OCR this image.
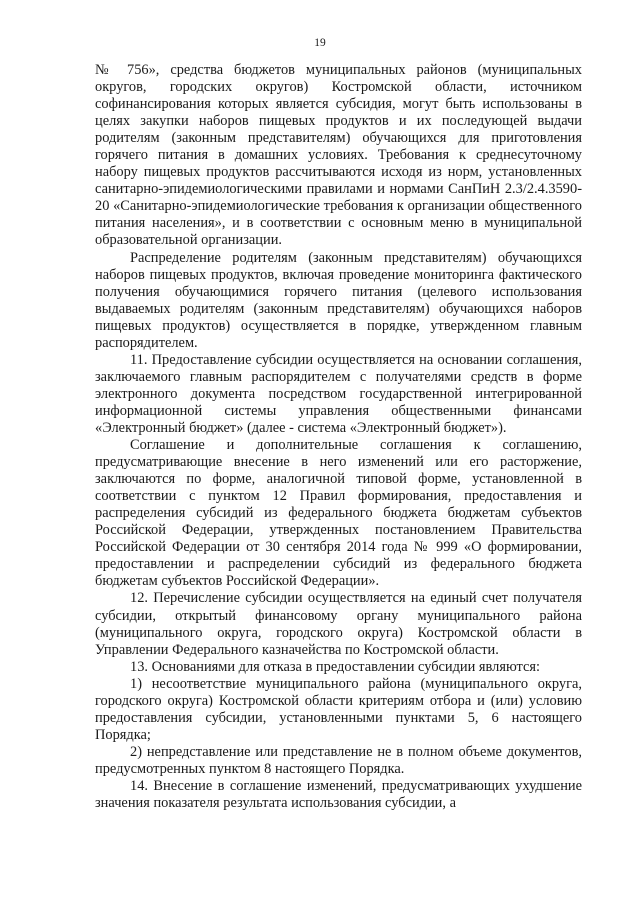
19

№ 756», средства бюджетов муниципальных районов (муниципальных округов, городских округов) Костромской области, источником софинансирования которых является субсидия, могут быть использованы в целях закупки наборов пищевых продуктов и их последующей выдачи родителям (законным представителям) обучающихся для приготовления горячего питания в домашних условиях. Требования к среднесуточному набору пищевых продуктов рассчитываются исходя из норм, установленных санитарно-эпидемиологическими правилами и нормами СанПиН 2.3/2.4.3590-20 «Санитарно-эпидемиологические требования к организации общественного питания населения», и в соответствии с основным меню в муниципальной образовательной организации.

Распределение родителям (законным представителям) обучающихся наборов пищевых продуктов, включая проведение мониторинга фактического получения обучающимися горячего питания (целевого использования выдаваемых родителям (законным представителям) обучающихся наборов пищевых продуктов) осуществляется в порядке, утвержденном главным распорядителем.

11. Предоставление субсидии осуществляется на основании соглашения, заключаемого главным распорядителем с получателями средств в форме электронного документа посредством государственной интегрированной информационной системы управления общественными финансами «Электронный бюджет» (далее - система «Электронный бюджет»).

Соглашение и дополнительные соглашения к соглашению, предусматривающие внесение в него изменений или его расторжение, заключаются по форме, аналогичной типовой форме, установленной в соответствии с пунктом 12 Правил формирования, предоставления и распределения субсидий из федерального бюджета бюджетам субъектов Российской Федерации, утвержденных постановлением Правительства Российской Федерации от 30 сентября 2014 года № 999 «О формировании, предоставлении и распределении субсидий из федерального бюджета бюджетам субъектов Российской Федерации».

12. Перечисление субсидии осуществляется на единый счет получателя субсидии, открытый финансовому органу муниципального района (муниципального округа, городского округа) Костромской области в Управлении Федерального казначейства по Костромской области.

13. Основаниями для отказа в предоставлении субсидии являются:

1) несоответствие муниципального района (муниципального округа, городского округа) Костромской области критериям отбора и (или) условию предоставления субсидии, установленными пунктами 5, 6 настоящего Порядка;

2) непредставление или представление не в полном объеме документов, предусмотренных пунктом 8 настоящего Порядка.

14. Внесение в соглашение изменений, предусматривающих ухудшение значения показателя результата использования субсидии, а
